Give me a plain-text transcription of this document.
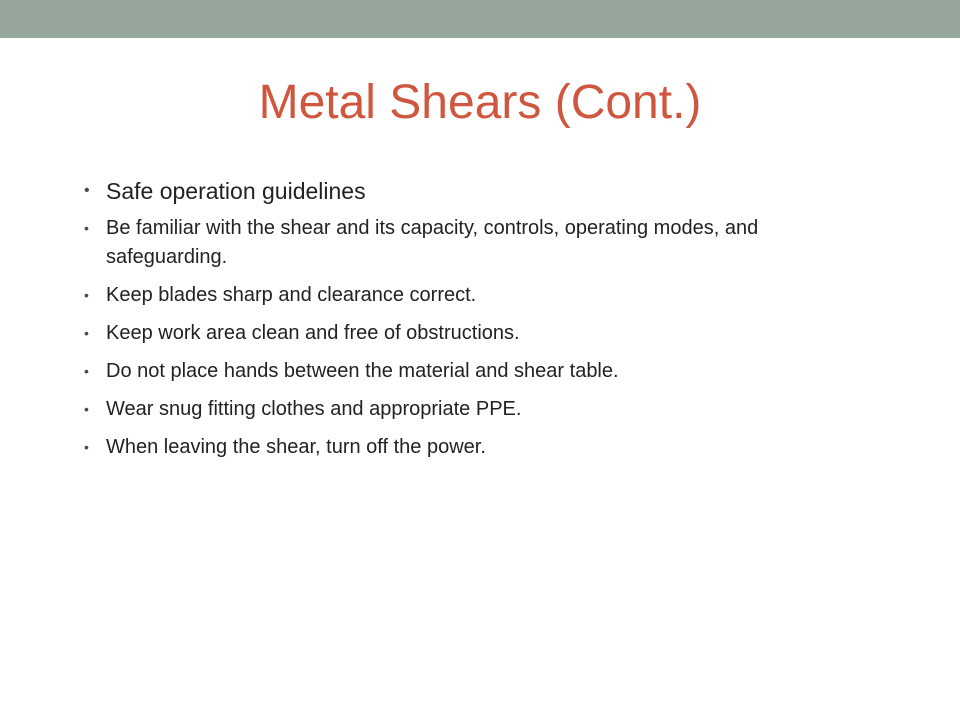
Metal Shears (Cont.)
• Safe operation guidelines
• Be familiar with the shear and its capacity, controls, operating modes, and safeguarding.
• Keep blades sharp and clearance correct.
• Keep work area clean and free of obstructions.
• Do not place hands between the material and shear table.
• Wear snug fitting clothes and appropriate PPE.
• When leaving the shear, turn off the power.
